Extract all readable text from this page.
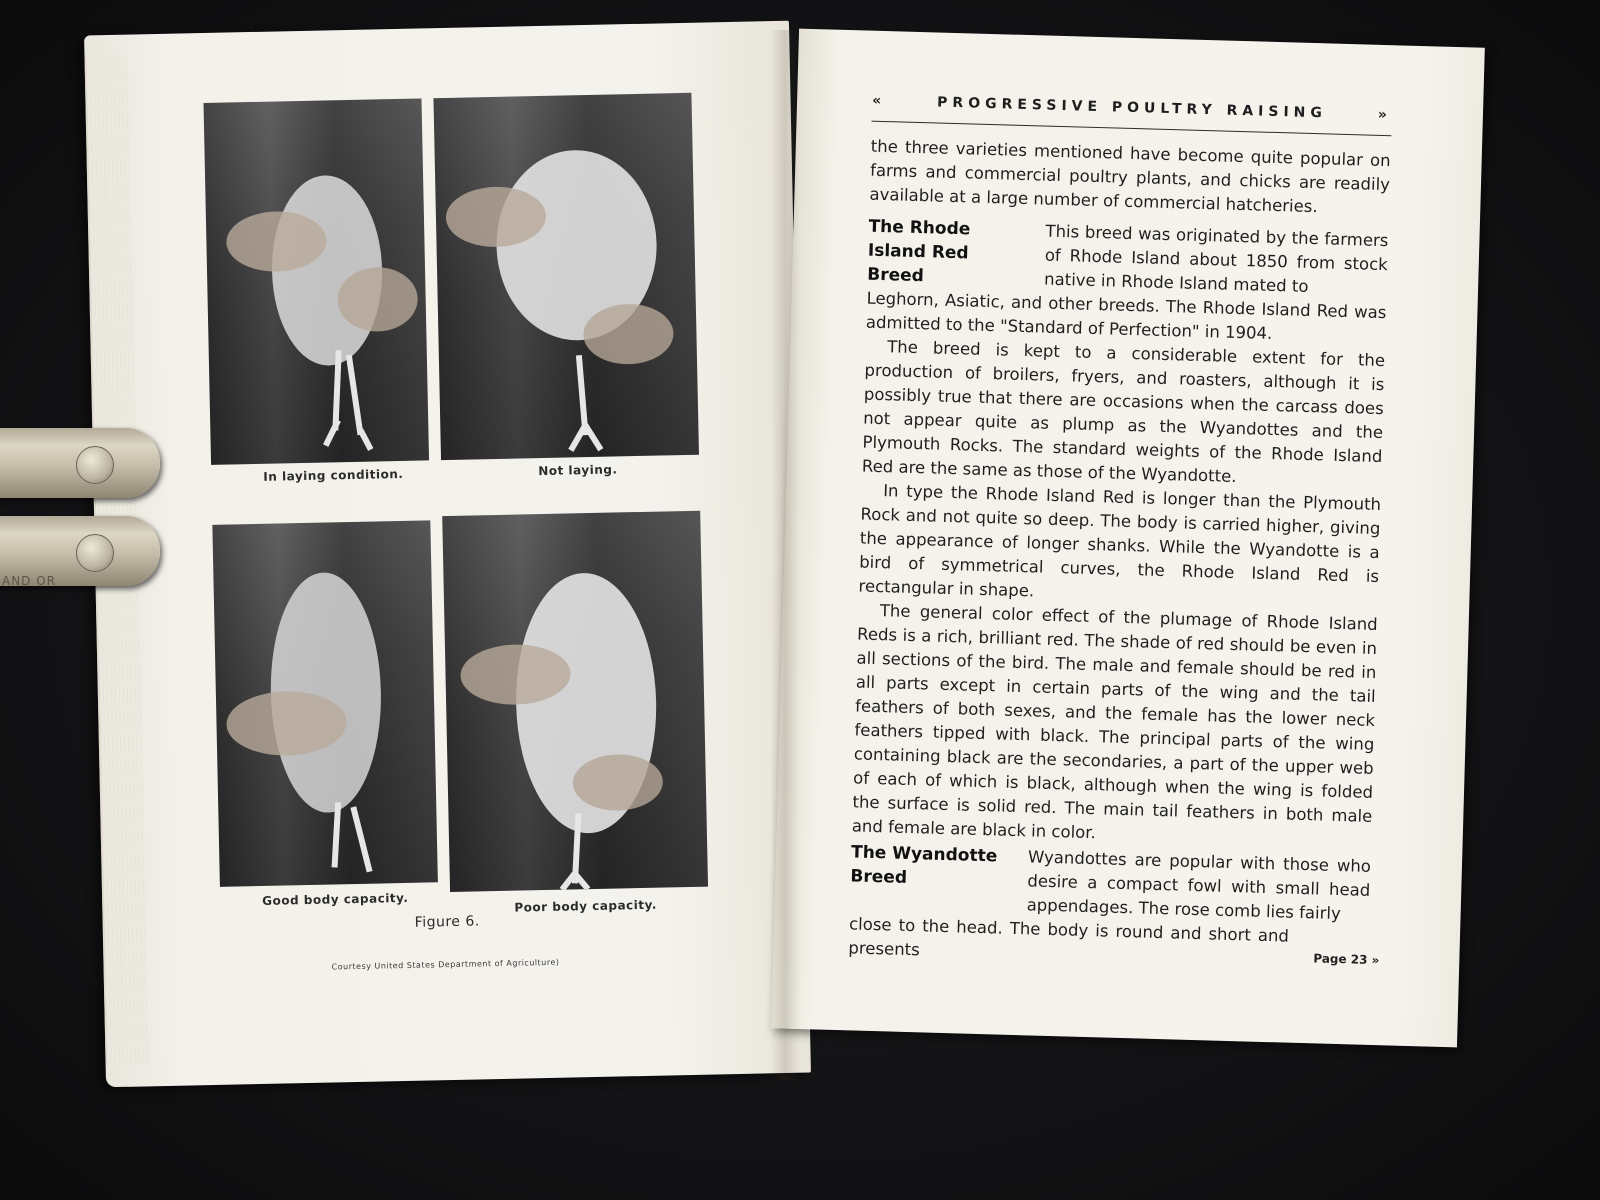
In laying condition.	Not laying.
Good body capacity.	Poor body capacity.
Figure 6.
Courtesy United States Department of Agriculture)
«	PROGRESSIVE POULTRY RAISING	»

the three varieties mentioned have become quite popular on farms and commercial poultry plants, and chicks are readily available at a large number of commercial hatcheries.

The Rhode Island Red Breed
This breed was originated by the farmers of Rhode Island about 1850 from stock native in Rhode Island mated to

Leghorn, Asiatic, and other breeds. The Rhode Island Red was admitted to the "Standard of Perfection" in 1904.

The breed is kept to a considerable extent for the production of broilers, fryers, and roasters, although it is possibly true that there are occasions when the carcass does not appear quite as plump as the Wyandottes and the Plymouth Rocks. The standard weights of the Rhode Island Red are the same as those of the Wyandotte.

In type the Rhode Island Red is longer than the Plymouth Rock and not quite so deep. The body is carried higher, giving the appearance of longer shanks. While the Wyandotte is a bird of symmetrical curves, the Rhode Island Red is rectangular in shape.

The general color effect of the plumage of Rhode Island Reds is a rich, brilliant red. The shade of red should be even in all sections of the bird. The male and female should be red in all parts except in certain parts of the wing and the tail feathers of both sexes, and the female has the lower neck feathers tipped with black. The principal parts of the wing containing black are the secondaries, a part of the upper web of each of which is black, although when the wing is folded the surface is solid red. The main tail feathers in both male and female are black in color.

The Wyandotte Breed
Wyandottes are popular with those who desire a compact fowl with small head appendages. The rose comb lies fairly

close to the head. The body is round and short and presents	Page 23 »
AND OR
